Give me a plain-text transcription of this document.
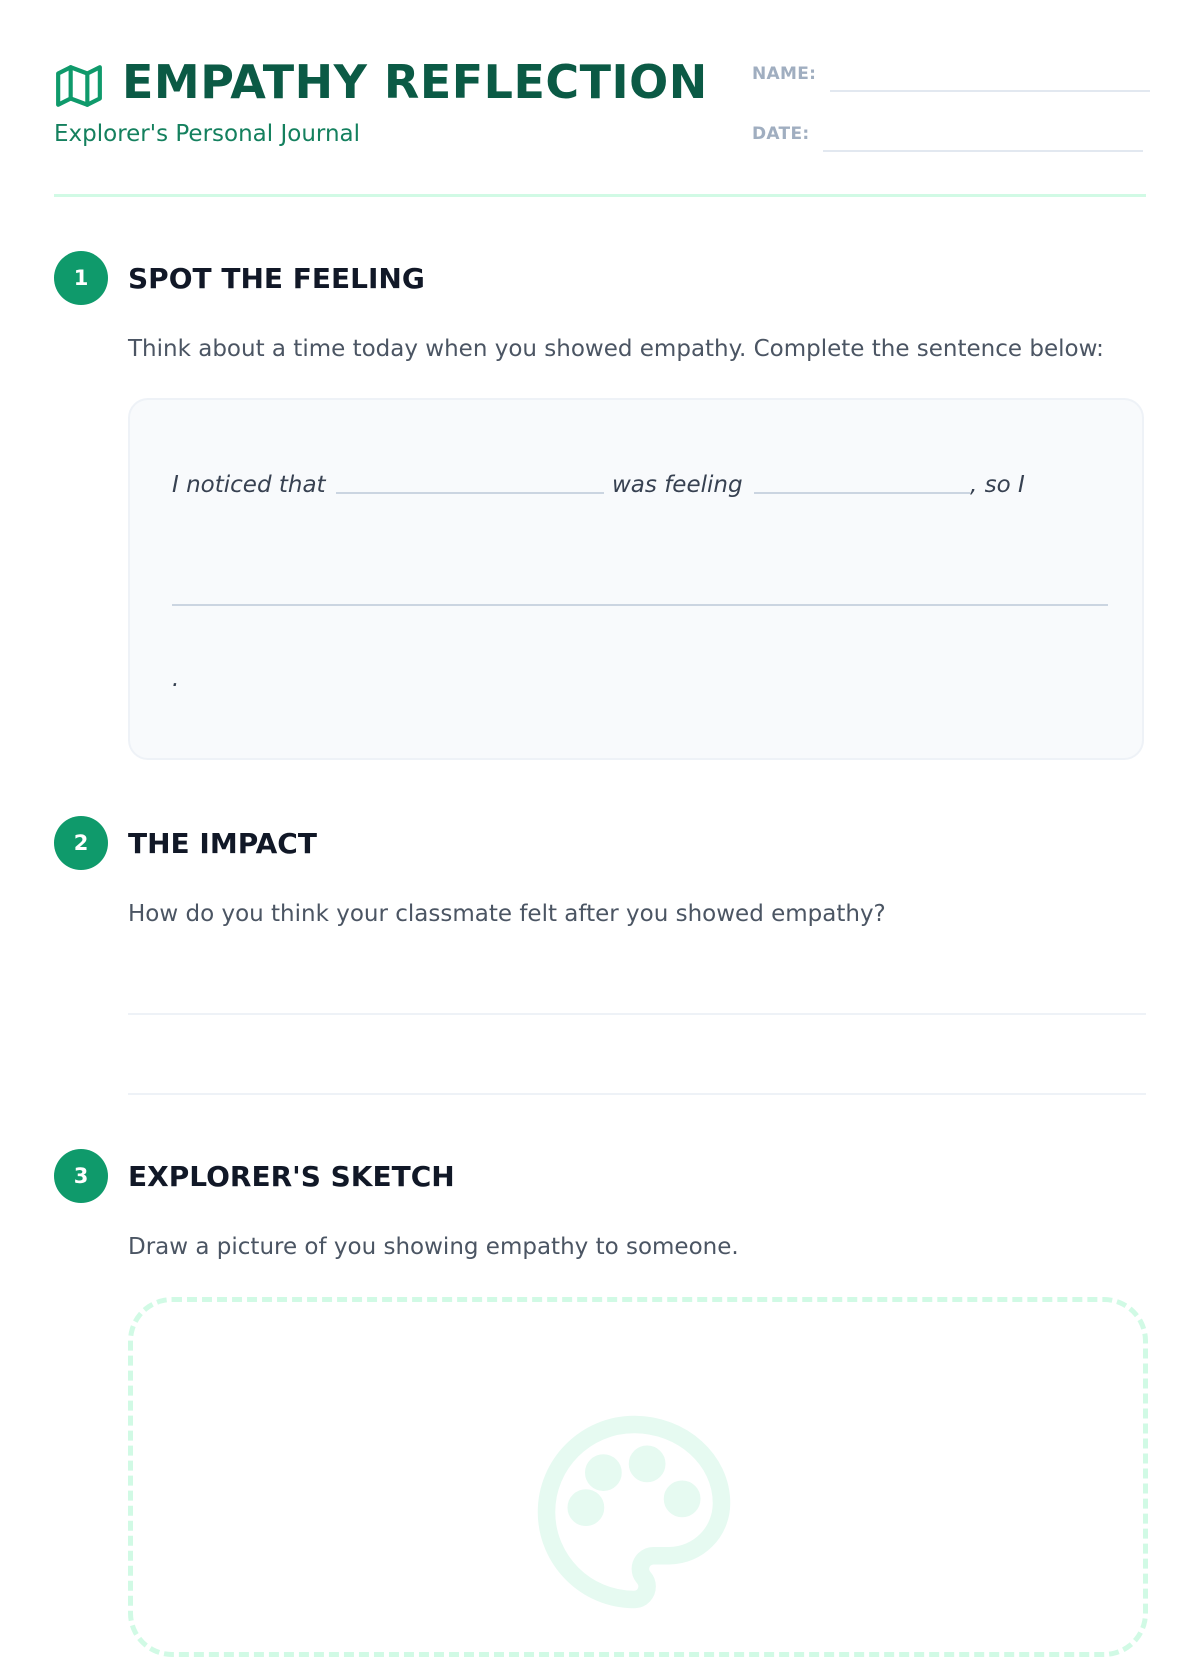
EMPATHY REFLECTION
Explorer's Personal Journal
NAME:
DATE:
1	SPOT THE FEELING
Think about a time today when you showed empathy. Complete the sentence below:
I noticed that	was feeling	, so I
.
2	THE IMPACT
How do you think your classmate felt after you showed empathy?
3	EXPLORER'S SKETCH
Draw a picture of you showing empathy to someone.
